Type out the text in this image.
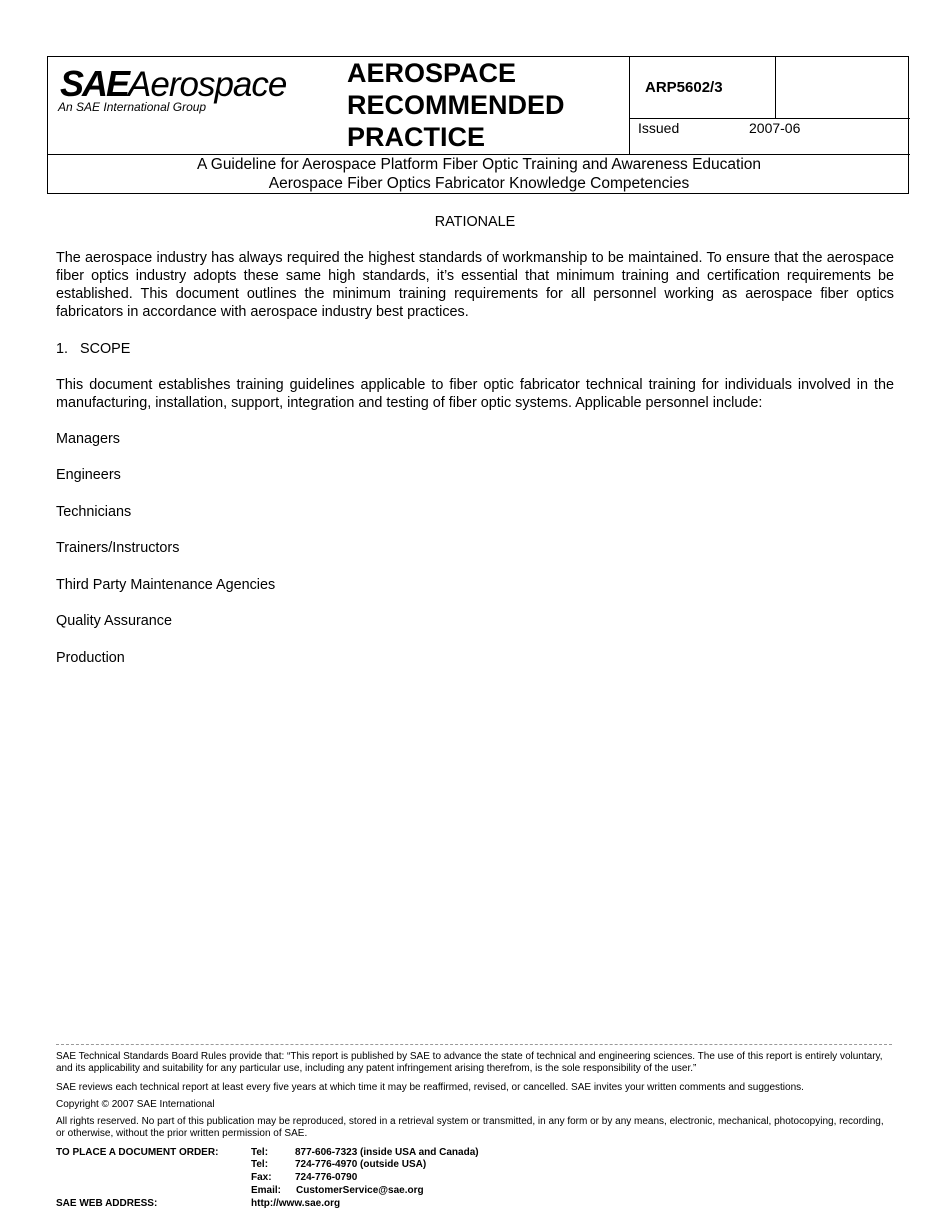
SAEAerospace
An SAE International Group
AEROSPACE
RECOMMENDED
PRACTICE
ARP5602/3
Issued	2007-06
A Guideline for Aerospace Platform Fiber Optic Training and Awareness Education
Aerospace Fiber Optics Fabricator Knowledge Competencies
RATIONALE
The aerospace industry has always required the highest standards of workmanship to be maintained. To ensure that the aerospace fiber optics industry adopts these same high standards, it’s essential that minimum training and certification requirements be established. This document outlines the minimum training requirements for all personnel working as aerospace fiber optics fabricators in accordance with aerospace industry best practices.
1.   SCOPE
This document establishes training guidelines applicable to fiber optic fabricator technical training for individuals involved in the manufacturing, installation, support, integration and testing of fiber optic systems. Applicable personnel include:
Managers
Engineers
Technicians
Trainers/Instructors
Third Party Maintenance Agencies
Quality Assurance
Production
SAE Technical Standards Board Rules provide that: “This report is published by SAE to advance the state of technical and engineering sciences. The use of this report is entirely voluntary, and its applicability and suitability for any particular use, including any patent infringement arising therefrom, is the sole responsibility of the user.”
SAE reviews each technical report at least every five years at which time it may be reaffirmed, revised, or cancelled. SAE invites your written comments and suggestions.
Copyright © 2007 SAE International
All rights reserved. No part of this publication may be reproduced, stored in a retrieval system or transmitted, in any form or by any means, electronic, mechanical, photocopying, recording, or otherwise, without the prior written permission of SAE.
TO PLACE A DOCUMENT ORDER:	Tel:	877-606-7323 (inside USA and Canada)
Tel:	724-776-4970 (outside USA)
Fax: 724-776-0790
Email: CustomerService@sae.org
SAE WEB ADDRESS:	http://www.sae.org
